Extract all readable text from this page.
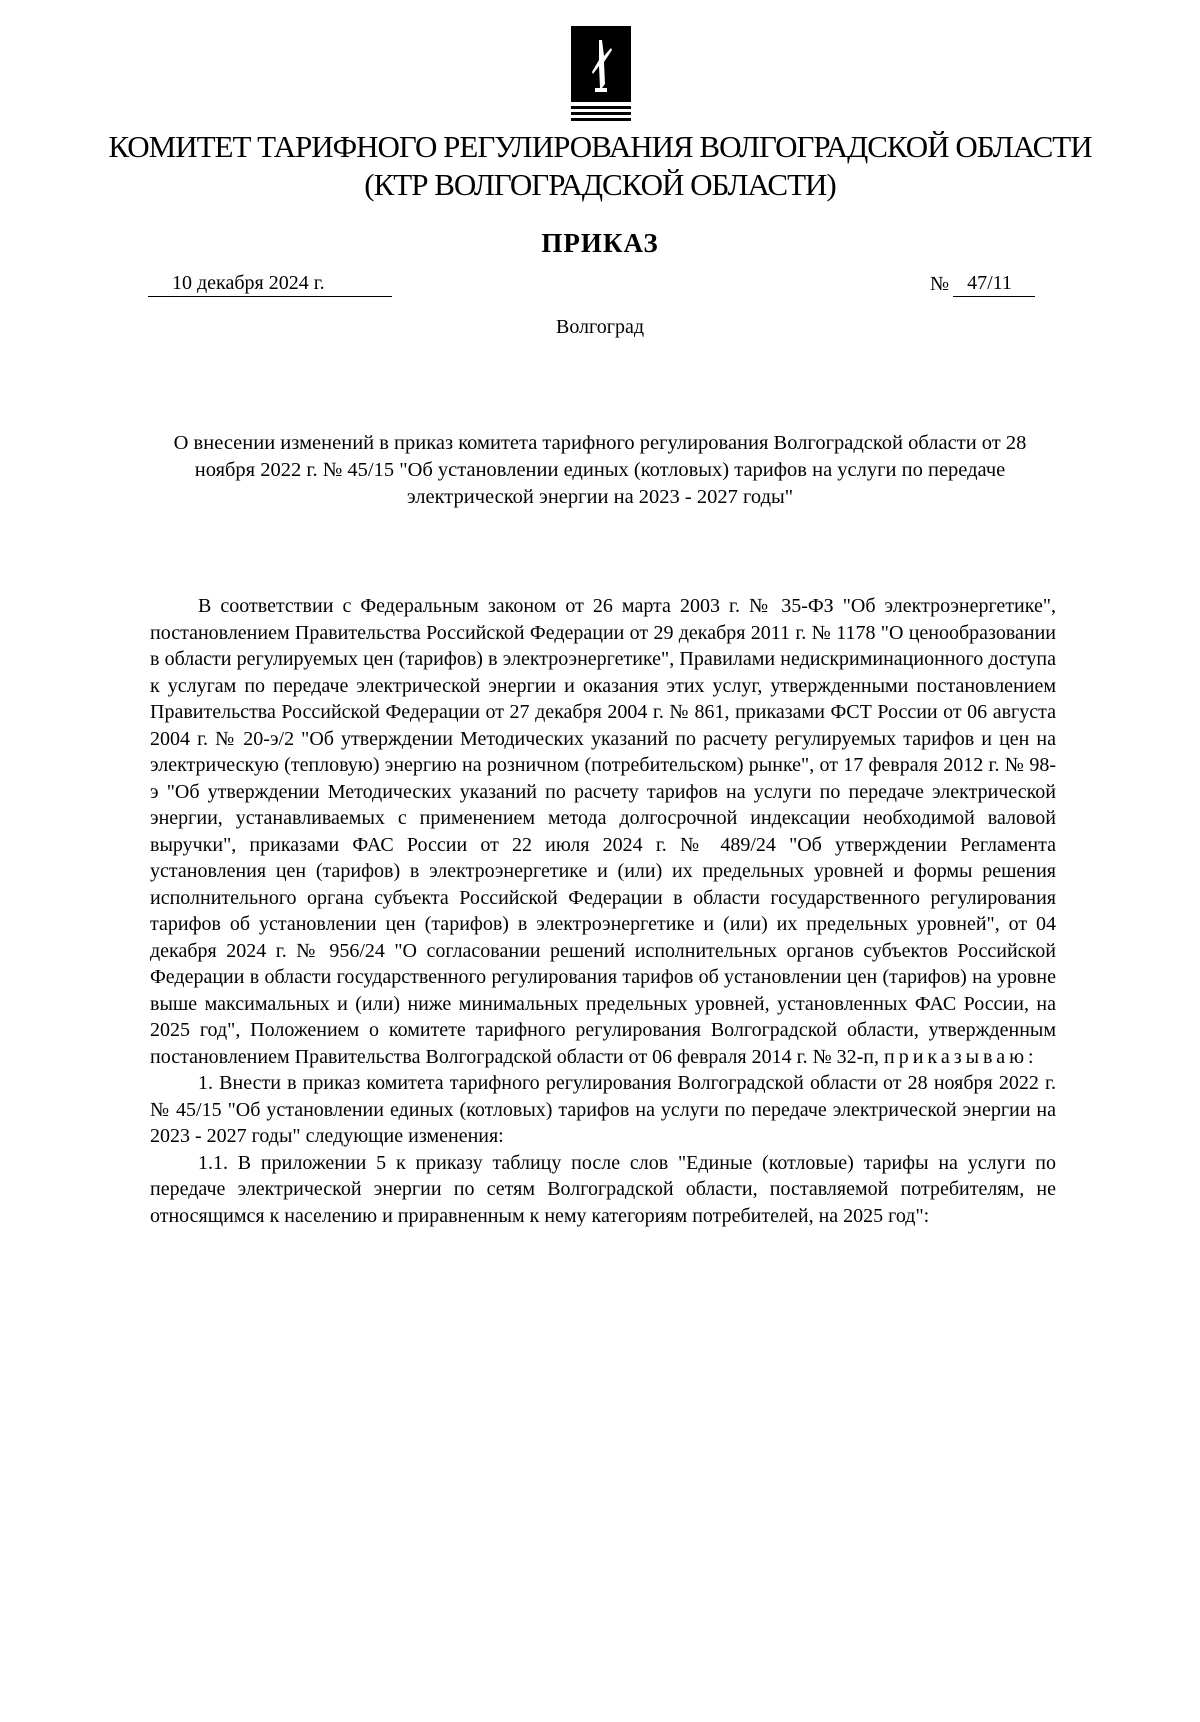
КОМИТЕТ ТАРИФНОГО РЕГУЛИРОВАНИЯ ВОЛГОГРАДСКОЙ ОБЛАСТИ
(КТР ВОЛГОГРАДСКОЙ ОБЛАСТИ)
ПРИКАЗ
10 декабря 2024 г.	№ 47/11
Волгоград
О внесении изменений в приказ комитета тарифного регулирования Волгоградской области от 28 ноября 2022 г. № 45/15 "Об установлении единых (котловых) тарифов на услуги по передаче электрической энергии на 2023 - 2027 годы"

В соответствии с Федеральным законом от 26 марта 2003 г. № 35-ФЗ "Об электроэнергетике", постановлением Правительства Российской Федерации от 29 декабря 2011 г. № 1178 "О ценообразовании в области регулируемых цен (тарифов) в электроэнергетике", Правилами недискриминационного доступа к услугам по передаче электрической энергии и оказания этих услуг, утвержденными постановлением Правительства Российской Федерации от 27 декабря 2004 г. № 861, приказами ФСТ России от 06 августа 2004 г. № 20-э/2 "Об утверждении Методических указаний по расчету регулируемых тарифов и цен на электрическую (тепловую) энергию на розничном (потребительском) рынке", от 17 февраля 2012 г. № 98-э "Об утверждении Методических указаний по расчету тарифов на услуги по передаче электрической энергии, устанавливаемых с применением метода долгосрочной индексации необходимой валовой выручки", приказами ФАС России от 22 июля 2024 г. № 489/24 "Об утверждении Регламента установления цен (тарифов) в электроэнергетике и (или) их предельных уровней и формы решения исполнительного органа субъекта Российской Федерации в области государственного регулирования тарифов об установлении цен (тарифов) в электроэнергетике и (или) их предельных уровней", от 04 декабря 2024 г. № 956/24 "О согласовании решений исполнительных органов субъектов Российской Федерации в области государственного регулирования тарифов об установлении цен (тарифов) на уровне выше максимальных и (или) ниже минимальных предельных уровней, установленных ФАС России, на 2025 год", Положением о комитете тарифного регулирования Волгоградской области, утвержденным постановлением Правительства Волгоградской области от 06 февраля 2014 г. № 32-п, приказываю:

1. Внести в приказ комитета тарифного регулирования Волгоградской области от 28 ноября 2022 г. № 45/15 "Об установлении единых (котловых) тарифов на услуги по передаче электрической энергии на 2023 - 2027 годы" следующие изменения:

1.1. В приложении 5 к приказу таблицу после слов "Единые (котловые) тарифы на услуги по передаче электрической энергии по сетям Волгоградской области, поставляемой потребителям, не относящимся к населению и приравненным к нему категориям потребителей, на 2025 год":
